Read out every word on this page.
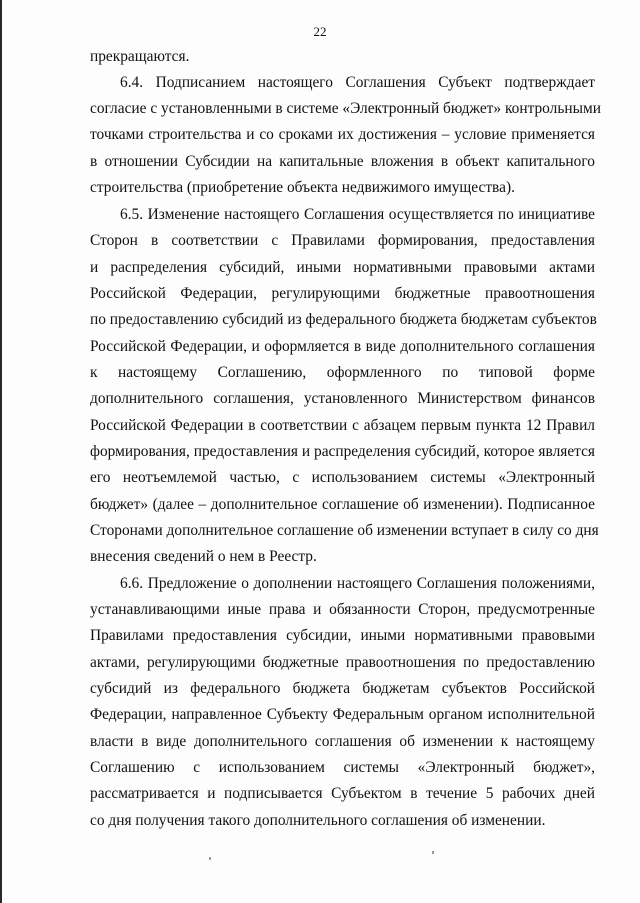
22
прекращаются.
6.4. Подписанием настоящего Соглашения Субъект подтверждает
согласие с установленными в системе «Электронный бюджет» контрольными
точками строительства и со сроками их достижения – условие применяется
в отношении Субсидии на капитальные вложения в объект капитального
строительства (приобретение объекта недвижимого имущества).
6.5. Изменение настоящего Соглашения осуществляется по инициативе
Сторон в соответствии с Правилами формирования, предоставления
и распределения субсидий, иными нормативными правовыми актами
Российской Федерации, регулирующими бюджетные правоотношения
по предоставлению субсидий из федерального бюджета бюджетам субъектов
Российской Федерации, и оформляется в виде дополнительного соглашения
к настоящему Соглашению, оформленного по типовой форме
дополнительного соглашения, установленного Министерством финансов
Российской Федерации в соответствии с абзацем первым пункта 12 Правил
формирования, предоставления и распределения субсидий, которое является
его неотъемлемой частью, с использованием системы «Электронный
бюджет» (далее – дополнительное соглашение об изменении). Подписанное
Сторонами дополнительное соглашение об изменении вступает в силу со дня
внесения сведений о нем в Реестр.
6.6. Предложение о дополнении настоящего Соглашения положениями,
устанавливающими иные права и обязанности Сторон, предусмотренные
Правилами предоставления субсидии, иными нормативными правовыми
актами, регулирующими бюджетные правоотношения по предоставлению
субсидий из федерального бюджета бюджетам субъектов Российской
Федерации, направленное Субъекту Федеральным органом исполнительной
власти в виде дополнительного соглашения об изменении к настоящему
Соглашению с использованием системы «Электронный бюджет»,
рассматривается и подписывается Субъектом в течение 5 рабочих дней
со дня получения такого дополнительного соглашения об изменении.
